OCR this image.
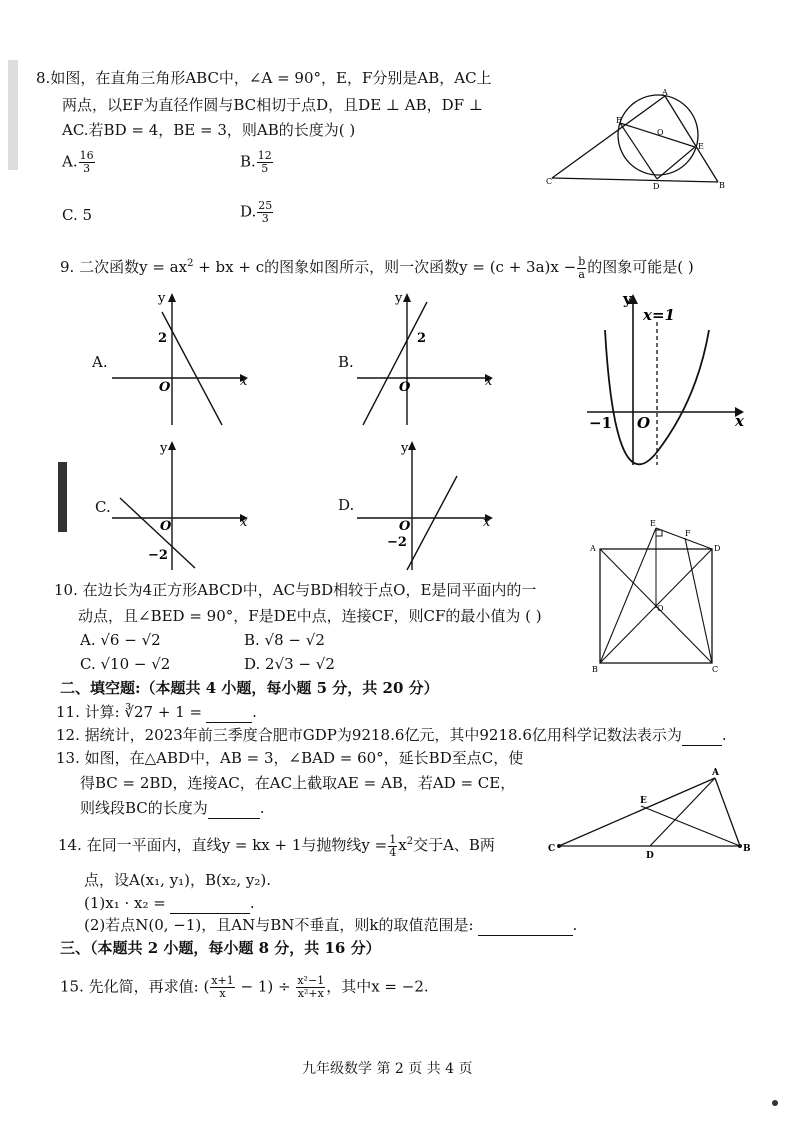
8.如图，在直角三角形ABC中，∠A = 90°，E，F分别是AB，AC上
两点，以EF为直径作圆与BC相切于点D，且DE ⊥ AB，DF ⊥
AC.若BD = 4，BE = 3，则AB的长度为( )
A. $\frac{16}{3}$	B. $\frac{12}{5}$
C. 5	D. $\frac{25}{3}$
A
F
O
E
C
D	B
9. 二次函数$y = ax^2$ + bx + c的图象如图所示，则一次函数$y = (c + 3a)x - \frac{b}{a}$ 的图象可能是( )
A.
y
x
O
2
B.
y
x
O
2
y
x
O
x=1
−1
C.
y
x
O
−2
D.
y
x
O
−2	A	D
B	C
E
F
O
10. 在边长为4正方形ABCD中，AC与BD相较于点O，E是同平面内的一
动点，且∠BED = 90°，F是DE中点，连接CF，则CF的最小值为 ( )
A. √6 − √2	B. √8 − √2
C. √10 − √2	D. 2√3 − √2
二、填空题:（本题共 4 小题，每小题 5 分，共 20 分）
11. 计算: ∛27 + 1 =	.
12. 据统计，2023年前三季度合肥市GDP为9218.6亿元，其中9218.6亿用科学记数法表示为	.
13. 如图，在△ABD中，AB = 3，∠BAD = 60°，延长BD至点C，使
得BC = 2BD，连接AC，在AC上截取AE = AB，若AD = CE，
则线段BC的长度为	.
A
E
C
D
B
14. 在同一平面内，直线y = kx + 1与抛物线$y = \frac{1}{4} x^2$交于A、B两
点，设A(x₁, y₁)，B(x₂, y₂).
(1)x₁ · x₂ =	.
(2)若点N(0, −1)，且AN与BN不垂直，则k的取值范围是:	.
三、（本题共 2 小题，每小题 8 分，共 16 分）
15. 先化简，再求值: ( $\frac{x+1}{x} - 1) \div \frac{\text{x²−1}}{\text{x²+x}}$ ，其中x = −2.
九年级数学 第 2 页 共 4 页
